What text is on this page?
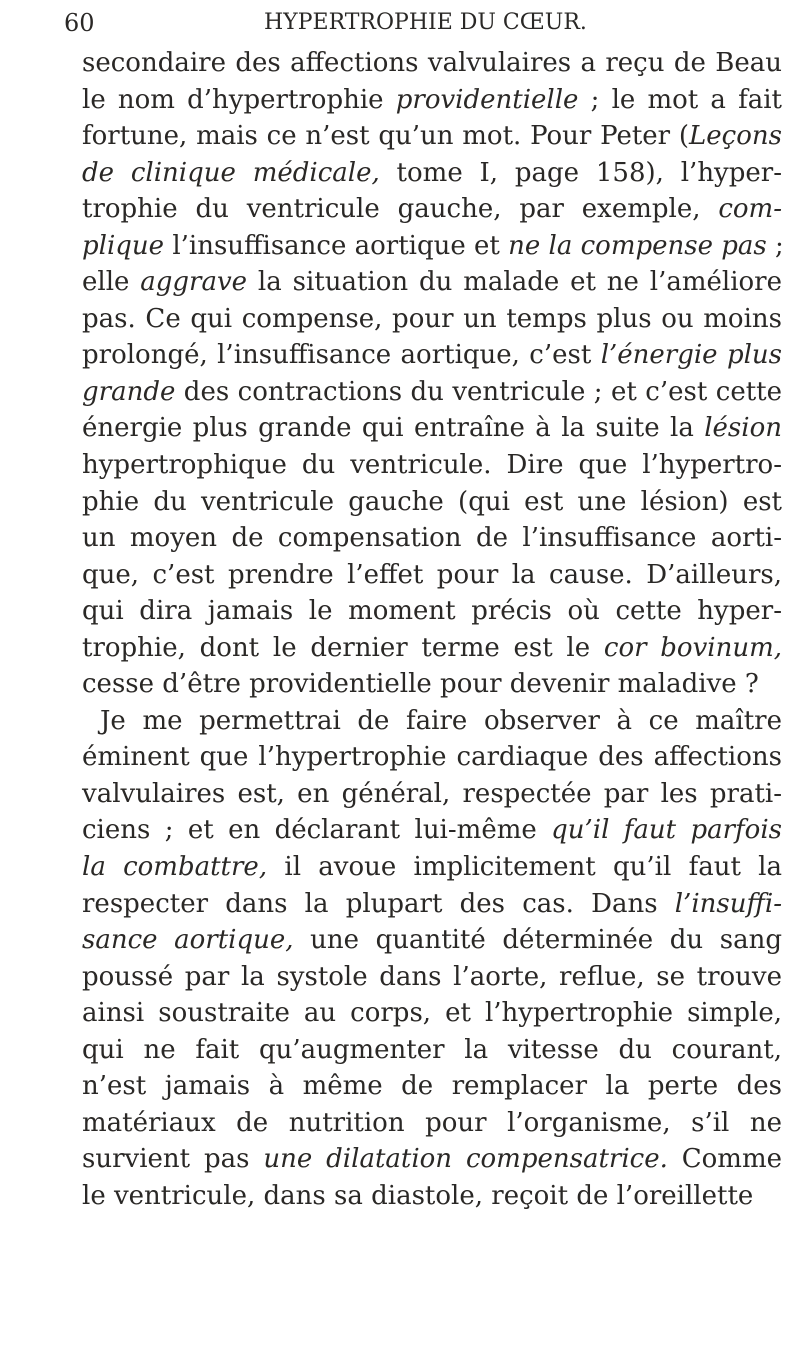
60	HYPERTROPHIE DU CŒUR.
secondaire des affections valvulaires a reçu de Beau
le nom d’hypertrophie providentielle ; le mot a fait
fortune, mais ce n’est qu’un mot. Pour Peter (Leçons
de clinique médicale, tome I, page 158), l’hyper-
trophie du ventricule gauche, par exemple, com-
plique l’insuffisance aortique et ne la compense pas ;
elle aggrave la situation du malade et ne l’améliore
pas. Ce qui compense, pour un temps plus ou moins
prolongé, l’insuffisance aortique, c’est l’énergie plus
grande des contractions du ventricule ; et c’est cette
énergie plus grande qui entraîne à la suite la lésion
hypertrophique du ventricule. Dire que l’hypertro-
phie du ventricule gauche (qui est une lésion) est
un moyen de compensation de l’insuffisance aorti-
que, c’est prendre l’effet pour la cause. D’ailleurs,
qui dira jamais le moment précis où cette hyper-
trophie, dont le dernier terme est le cor bovinum,
cesse d’être providentielle pour devenir maladive ?
Je me permettrai de faire observer à ce maître
éminent que l’hypertrophie cardiaque des affections
valvulaires est, en général, respectée par les prati-
ciens ; et en déclarant lui-même qu’il faut parfois
la combattre, il avoue implicitement qu’il faut la
respecter dans la plupart des cas. Dans l’insuffi-
sance aortique, une quantité déterminée du sang
poussé par la systole dans l’aorte, reflue, se trouve
ainsi soustraite au corps, et l’hypertrophie simple,
qui ne fait qu’augmenter la vitesse du courant,
n’est jamais à même de remplacer la perte des
matériaux de nutrition pour l’organisme, s’il ne
survient pas une dilatation compensatrice. Comme
le ventricule, dans sa diastole, reçoit de l’oreillette
